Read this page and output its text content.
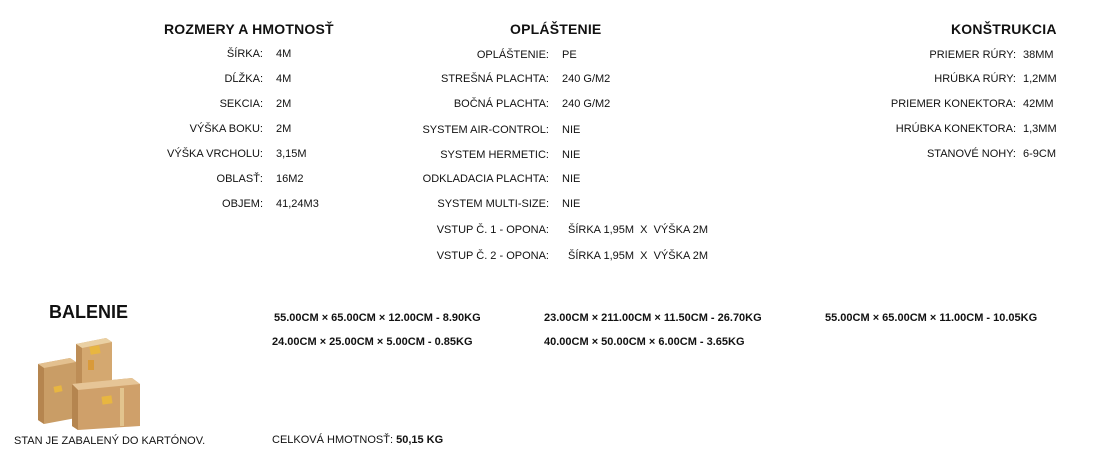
ROZMERY A HMOTNOSŤ
ŠÍRKA: 4M
DĹŽKA: 4M
SEKCIA: 2M
VÝŠKA BOKU: 2M
VÝŠKA VRCHOLU: 3,15M
OBLASŤ: 16M2
OBJEM: 41,24M3
OPLÁŠTENIE
OPLÁŠTENIE: PE
STREŠNÁ PLACHTA: 240 G/M2
BOČNÁ PLACHTA: 240 G/M2
SYSTEM AIR-CONTROL: NIE
SYSTEM HERMETIC: NIE
ODKLADACIA PLACHTA: NIE
SYSTEM MULTI-SIZE: NIE
VSTUP Č. 1 - OPONA: ŠÍRKA 1,95M  X  VÝŠKA 2M
VSTUP Č. 2 - OPONA: ŠÍRKA 1,95M  X  VÝŠKA 2M
KONŠTRUKCIA
PRIEMER RÚRY: 38MM
HRÚBKA RÚRY: 1,2MM
PRIEMER KONEKTORA: 42MM
HRÚBKA KONEKTORA: 1,3MM
STANOVÉ NOHY: 6-9CM
BALENIE
STAN JE ZABALENÝ DO KARTÓNOV.
55.00CM × 65.00CM × 12.00CM - 8.90KG	23.00CM × 211.00CM × 11.50CM - 26.70KG	55.00CM × 65.00CM × 11.00CM - 10.05KG
24.00CM × 25.00CM × 5.00CM - 0.85KG	40.00CM × 50.00CM × 6.00CM - 3.65KG
CELKOVÁ HMOTNOSŤ: 50,15 KG
